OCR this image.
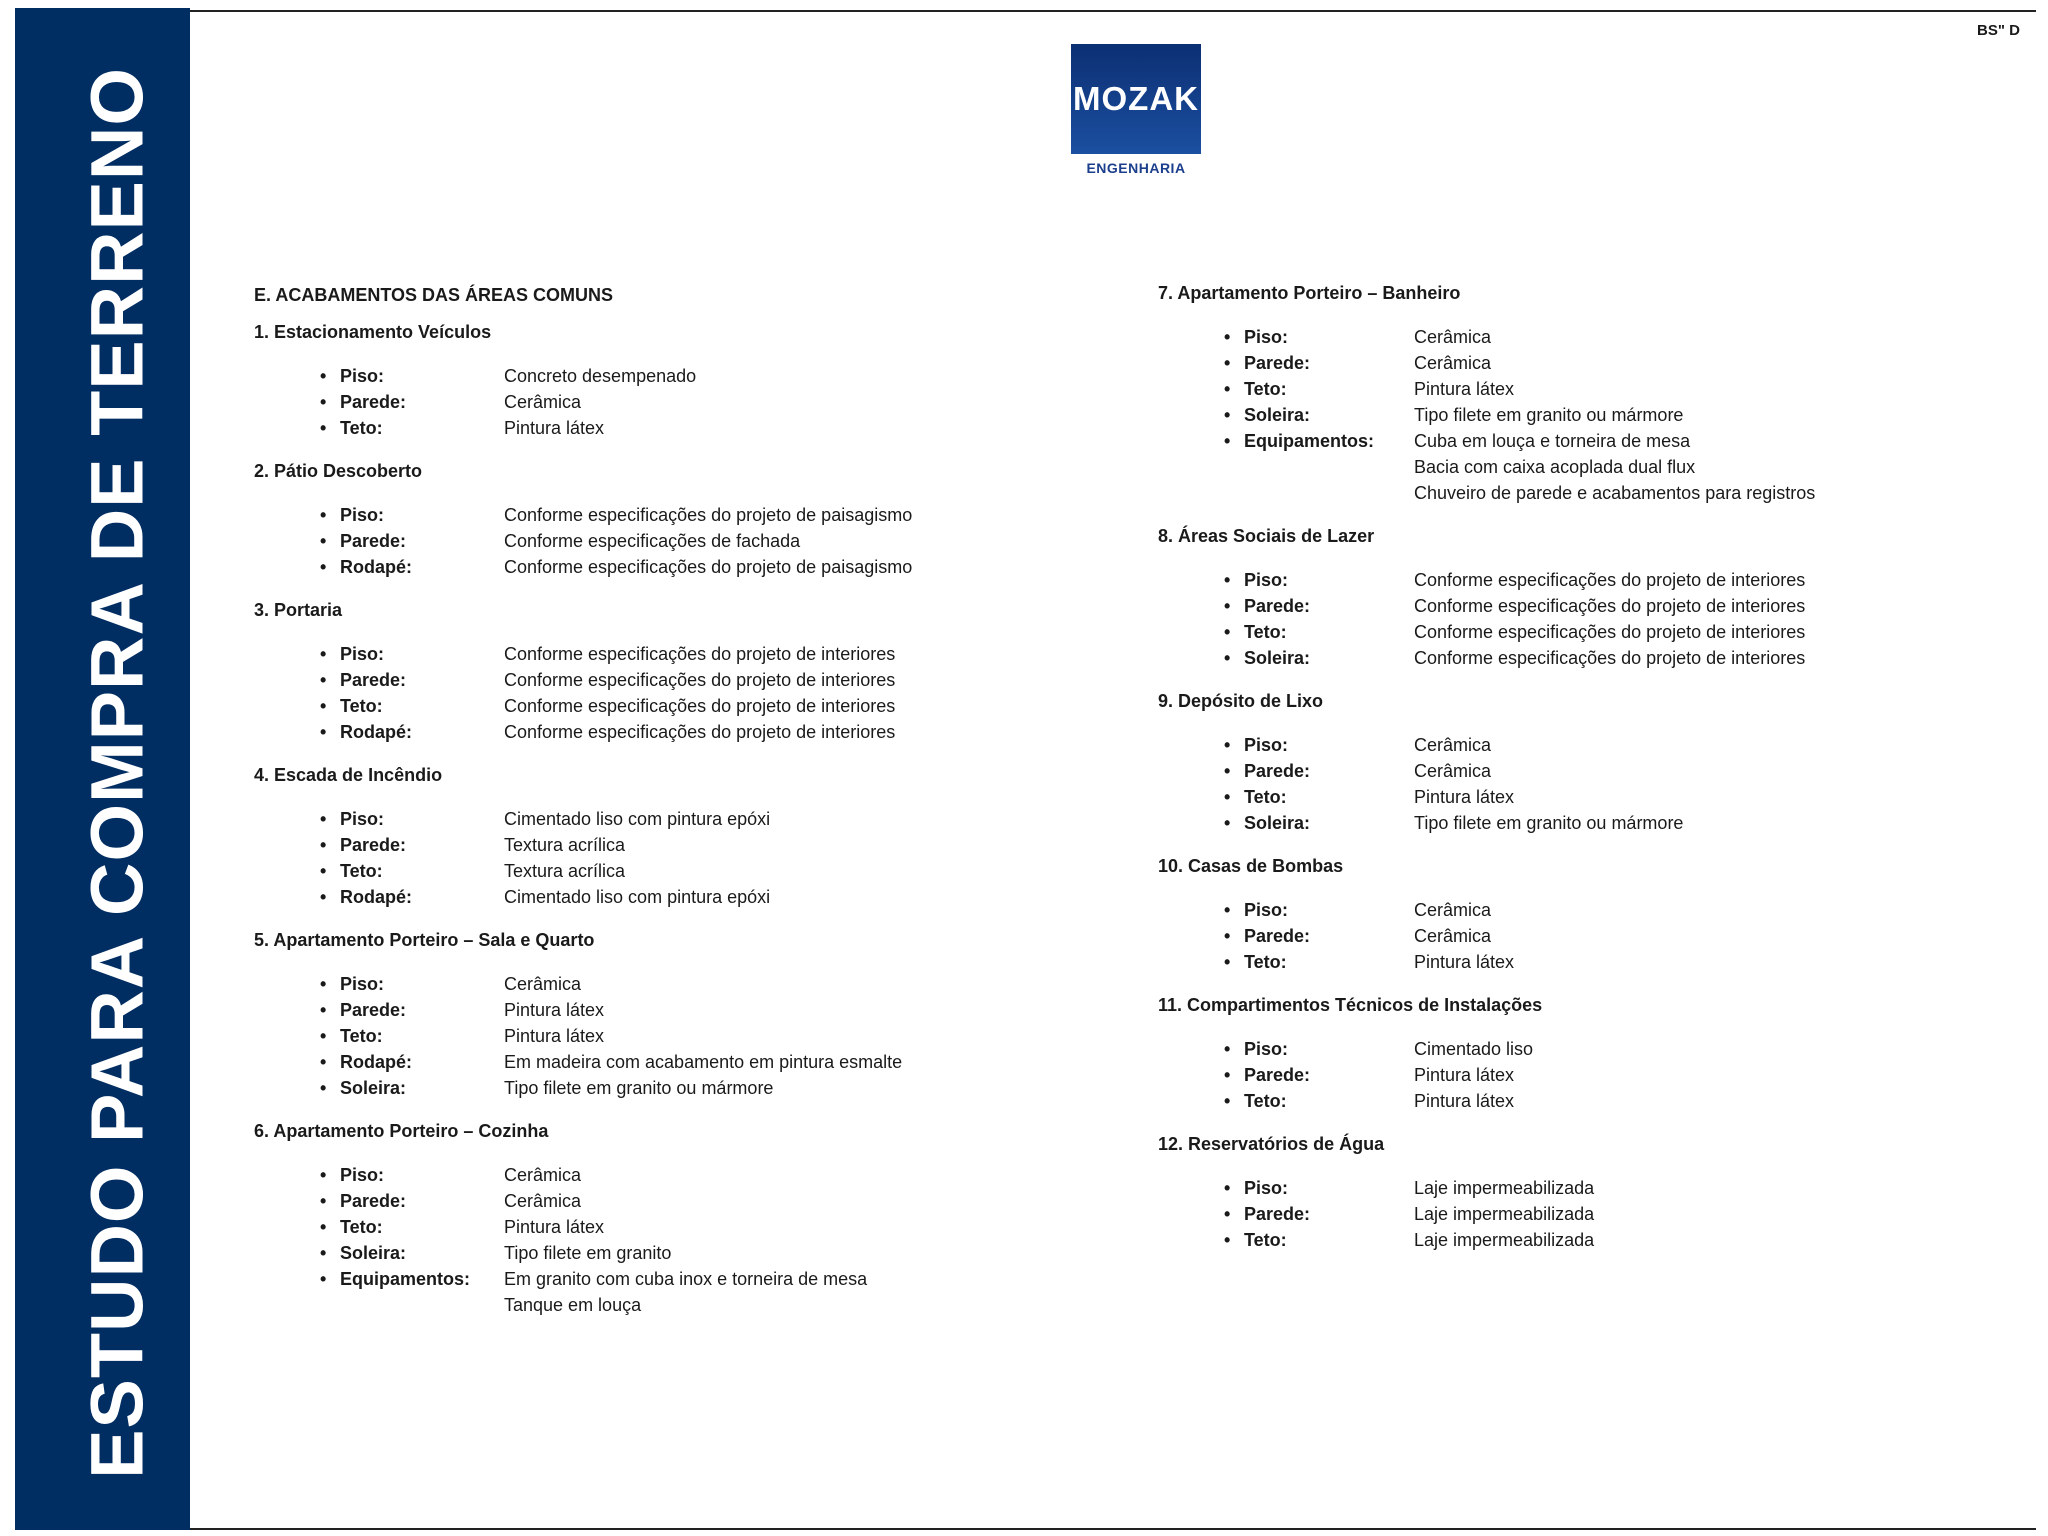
ESTUDO PARA COMPRA DE TERRENO
BS" D
MOZAK
ENGENHARIA
E. ACABAMENTOS DAS ÁREAS COMUNS
1. Estacionamento Veículos
• Piso:	Concreto desempenado
• Parede:	Cerâmica
• Teto:	Pintura látex
2. Pátio Descoberto
• Piso:	Conforme especificações do projeto de paisagismo
• Parede:	Conforme especificações de fachada
• Rodapé:	Conforme especificações do projeto de paisagismo
3. Portaria
• Piso:	Conforme especificações do projeto de interiores
• Parede:	Conforme especificações do projeto de interiores
• Teto:	Conforme especificações do projeto de interiores
• Rodapé:	Conforme especificações do projeto de interiores
4. Escada de Incêndio
• Piso:	Cimentado liso com pintura epóxi
• Parede:	Textura acrílica
• Teto:	Textura acrílica
• Rodapé:	Cimentado liso com pintura epóxi
5. Apartamento Porteiro – Sala e Quarto
• Piso:	Cerâmica
• Parede:	Pintura látex
• Teto:	Pintura látex
• Rodapé:	Em madeira com acabamento em pintura esmalte
• Soleira:	Tipo filete em granito ou mármore
6. Apartamento Porteiro – Cozinha
• Piso:	Cerâmica
• Parede:	Cerâmica
• Teto:	Pintura látex
• Soleira:	Tipo filete em granito
• Equipamentos:	Em granito com cuba inox e torneira de mesa
Tanque em louça
7. Apartamento Porteiro – Banheiro
• Piso:	Cerâmica
• Parede:	Cerâmica
• Teto:	Pintura látex
• Soleira:	Tipo filete em granito ou mármore
• Equipamentos:	Cuba em louça e torneira de mesa
Bacia com caixa acoplada dual flux
Chuveiro de parede e acabamentos para registros
8. Áreas Sociais de Lazer
• Piso:	Conforme especificações do projeto de interiores
• Parede:	Conforme especificações do projeto de interiores
• Teto:	Conforme especificações do projeto de interiores
• Soleira:	Conforme especificações do projeto de interiores
9. Depósito de Lixo
• Piso:	Cerâmica
• Parede:	Cerâmica
• Teto:	Pintura látex
• Soleira:	Tipo filete em granito ou mármore
10. Casas de Bombas
• Piso:	Cerâmica
• Parede:	Cerâmica
• Teto:	Pintura látex
11. Compartimentos Técnicos de Instalações
• Piso:	Cimentado liso
• Parede:	Pintura látex
• Teto:	Pintura látex
12. Reservatórios de Água
• Piso:	Laje impermeabilizada
• Parede:	Laje impermeabilizada
• Teto:	Laje impermeabilizada
